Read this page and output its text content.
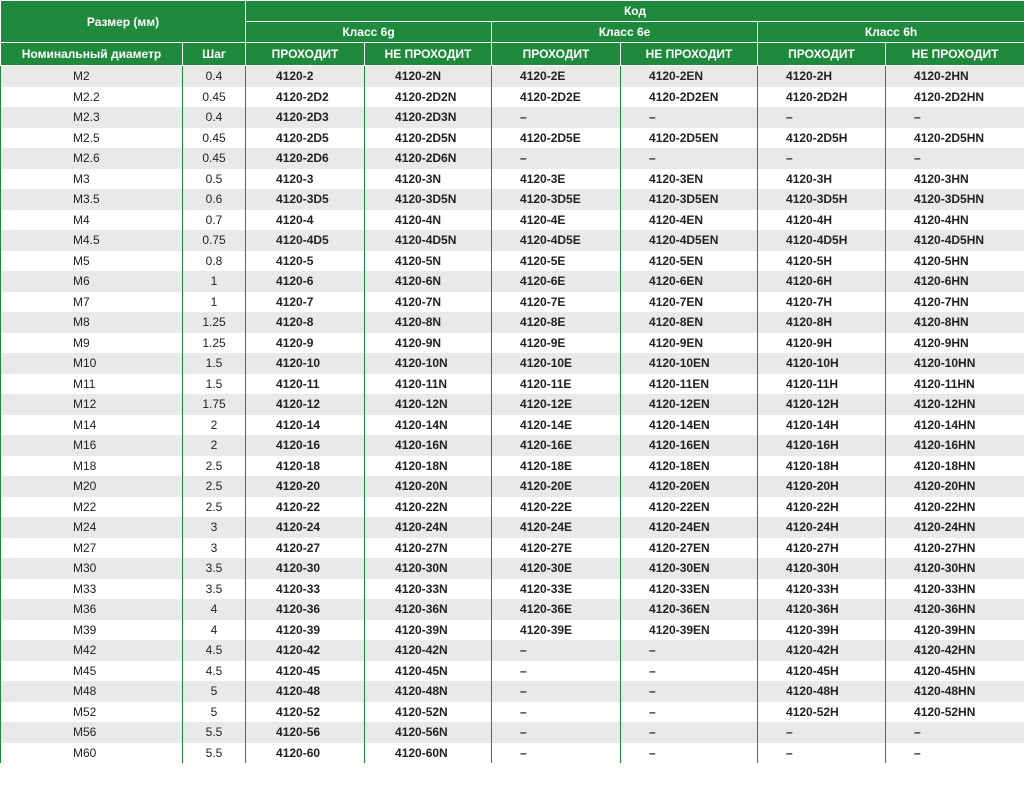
Размер (мм)		Код					
		Класс 6g		Класс 6e		Класс 6h	
Номинальный диаметр	Шаг	ПРОХОДИТ	НЕ ПРОХОДИТ	ПРОХОДИТ	НЕ ПРОХОДИТ	ПРОХОДИТ	НЕ ПРОХОДИТ
M2	0.4	4120-2	4120-2N	4120-2E	4120-2EN	4120-2H	4120-2HN
M2.2	0.45	4120-2D2	4120-2D2N	4120-2D2E	4120-2D2EN	4120-2D2H	4120-2D2HN
M2.3	0.4	4120-2D3	4120-2D3N	–	–	–	–
M2.5	0.45	4120-2D5	4120-2D5N	4120-2D5E	4120-2D5EN	4120-2D5H	4120-2D5HN
M2.6	0.45	4120-2D6	4120-2D6N	–	–	–	–
M3	0.5	4120-3	4120-3N	4120-3E	4120-3EN	4120-3H	4120-3HN
M3.5	0.6	4120-3D5	4120-3D5N	4120-3D5E	4120-3D5EN	4120-3D5H	4120-3D5HN
M4	0.7	4120-4	4120-4N	4120-4E	4120-4EN	4120-4H	4120-4HN
M4.5	0.75	4120-4D5	4120-4D5N	4120-4D5E	4120-4D5EN	4120-4D5H	4120-4D5HN
M5	0.8	4120-5	4120-5N	4120-5E	4120-5EN	4120-5H	4120-5HN
M6	1	4120-6	4120-6N	4120-6E	4120-6EN	4120-6H	4120-6HN
M7	1	4120-7	4120-7N	4120-7E	4120-7EN	4120-7H	4120-7HN
M8	1.25	4120-8	4120-8N	4120-8E	4120-8EN	4120-8H	4120-8HN
M9	1.25	4120-9	4120-9N	4120-9E	4120-9EN	4120-9H	4120-9HN
M10	1.5	4120-10	4120-10N	4120-10E	4120-10EN	4120-10H	4120-10HN
M11	1.5	4120-11	4120-11N	4120-11E	4120-11EN	4120-11H	4120-11HN
M12	1.75	4120-12	4120-12N	4120-12E	4120-12EN	4120-12H	4120-12HN
M14	2	4120-14	4120-14N	4120-14E	4120-14EN	4120-14H	4120-14HN
M16	2	4120-16	4120-16N	4120-16E	4120-16EN	4120-16H	4120-16HN
M18	2.5	4120-18	4120-18N	4120-18E	4120-18EN	4120-18H	4120-18HN
M20	2.5	4120-20	4120-20N	4120-20E	4120-20EN	4120-20H	4120-20HN
M22	2.5	4120-22	4120-22N	4120-22E	4120-22EN	4120-22H	4120-22HN
M24	3	4120-24	4120-24N	4120-24E	4120-24EN	4120-24H	4120-24HN
M27	3	4120-27	4120-27N	4120-27E	4120-27EN	4120-27H	4120-27HN
M30	3.5	4120-30	4120-30N	4120-30E	4120-30EN	4120-30H	4120-30HN
M33	3.5	4120-33	4120-33N	4120-33E	4120-33EN	4120-33H	4120-33HN
M36	4	4120-36	4120-36N	4120-36E	4120-36EN	4120-36H	4120-36HN
M39	4	4120-39	4120-39N	4120-39E	4120-39EN	4120-39H	4120-39HN
M42	4.5	4120-42	4120-42N	–	–	4120-42H	4120-42HN
M45	4.5	4120-45	4120-45N	–	–	4120-45H	4120-45HN
M48	5	4120-48	4120-48N	–	–	4120-48H	4120-48HN
M52	5	4120-52	4120-52N	–	–	4120-52H	4120-52HN
M56	5.5	4120-56	4120-56N	–	–	–	–
M60	5.5	4120-60	4120-60N	–	–	–	–
